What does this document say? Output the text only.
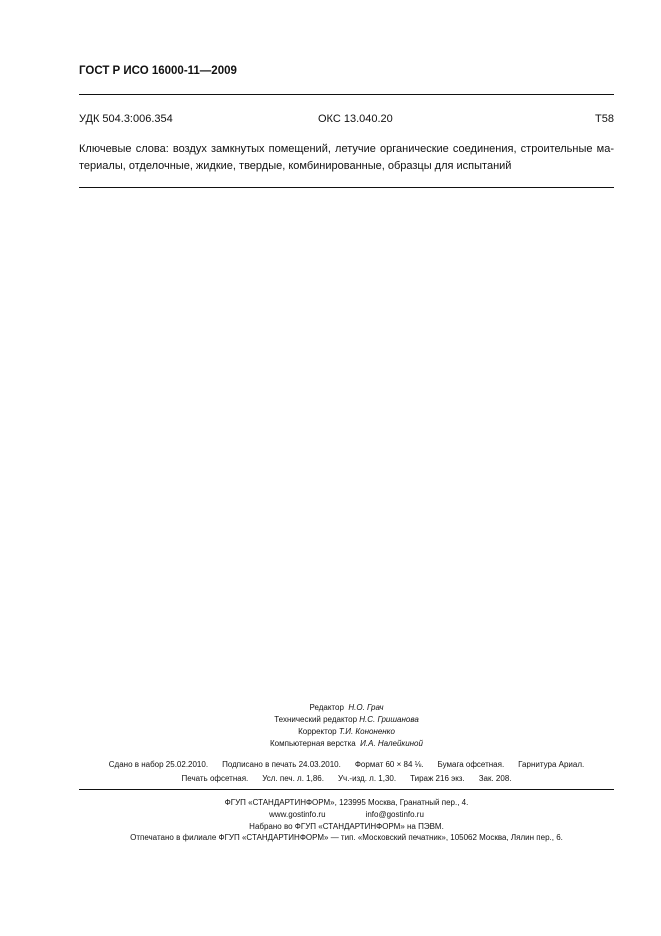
ГОСТ Р ИСО 16000-11—2009
УДК 504.3:006.354	ОКС 13.040.20	Т58
Ключевые слова: воздух замкнутых помещений, летучие органические соединения, строительные ма-териалы, отделочные, жидкие, твердые, комбинированные, образцы для испытаний
Редактор Н.О. Грач
Технический редактор Н.С. Гришанова
Корректор Т.И. Кононенко
Компьютерная верстка И.А. Налейкиной
Сдано в набор 25.02.2010. Подписано в печать 24.03.2010. Формат 60 × 84 ⅛. Бумага офсетная. Гарнитура Ариал.
Печать офсетная. Усл. печ. л. 1,86. Уч.-изд. л. 1,30. Тираж 216 экз. Зак. 208.
ФГУП «СТАНДАРТИНФОРМ», 123995 Москва, Гранатный пер., 4.
www.gostinfo.ru	info@gostinfo.ru
Набрано во ФГУП «СТАНДАРТИНФОРМ» на ПЭВМ.
Отпечатано в филиале ФГУП «СТАНДАРТИНФОРМ» — тип. «Московский печатник», 105062 Москва, Лялин пер., 6.
